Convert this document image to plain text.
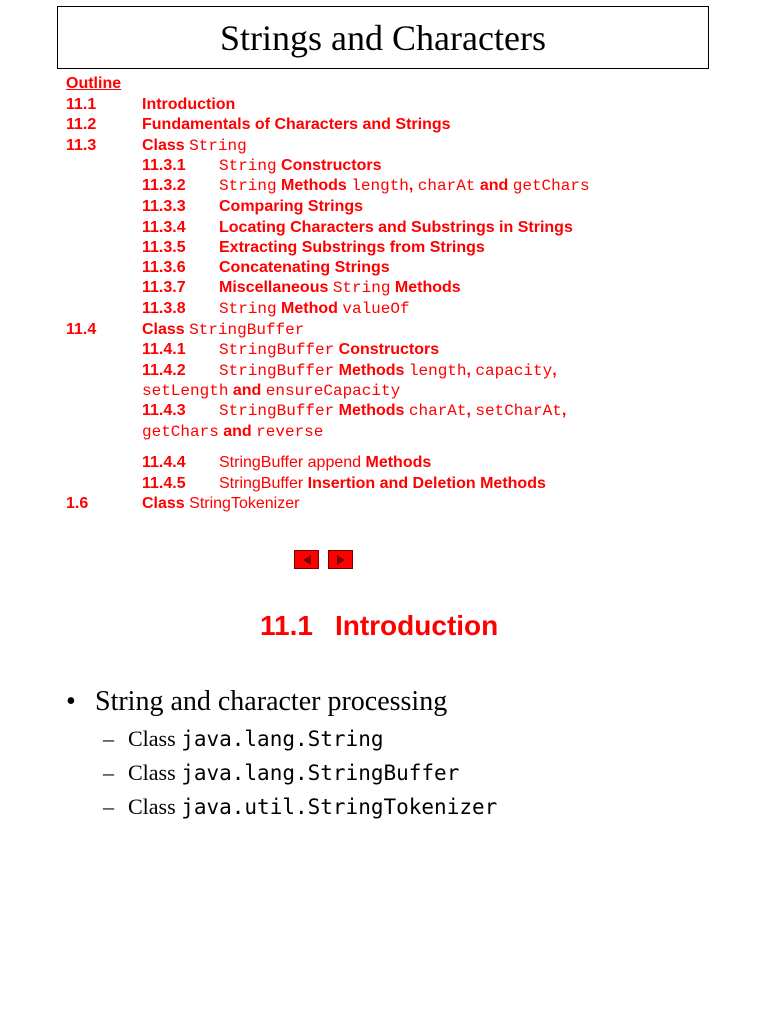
Strings and Characters
Outline
11.1	Introduction
11.2	Fundamentals of Characters and Strings
11.3	Class String
11.3.1 String Constructors
11.3.2 String Methods length, charAt and getChars
11.3.3 Comparing Strings
11.3.4 Locating Characters and Substrings in Strings
11.3.5 Extracting Substrings from Strings
11.3.6 Concatenating Strings
11.3.7 Miscellaneous String Methods
11.3.8 String Method valueOf
11.4	Class StringBuffer
11.4.1 StringBuffer Constructors
11.4.2 StringBuffer Methods length, capacity,
setLength and ensureCapacity
11.4.3 StringBuffer Methods charAt, setCharAt,
getChars and reverse
11.4.4 StringBuffer append Methods
11.4.5 StringBuffer Insertion and Deletion Methods
1.6	Class StringTokenizer
11.1 Introduction
• String and character processing
– Class java.lang.String
– Class java.lang.StringBuffer
– Class java.util.StringTokenizer
